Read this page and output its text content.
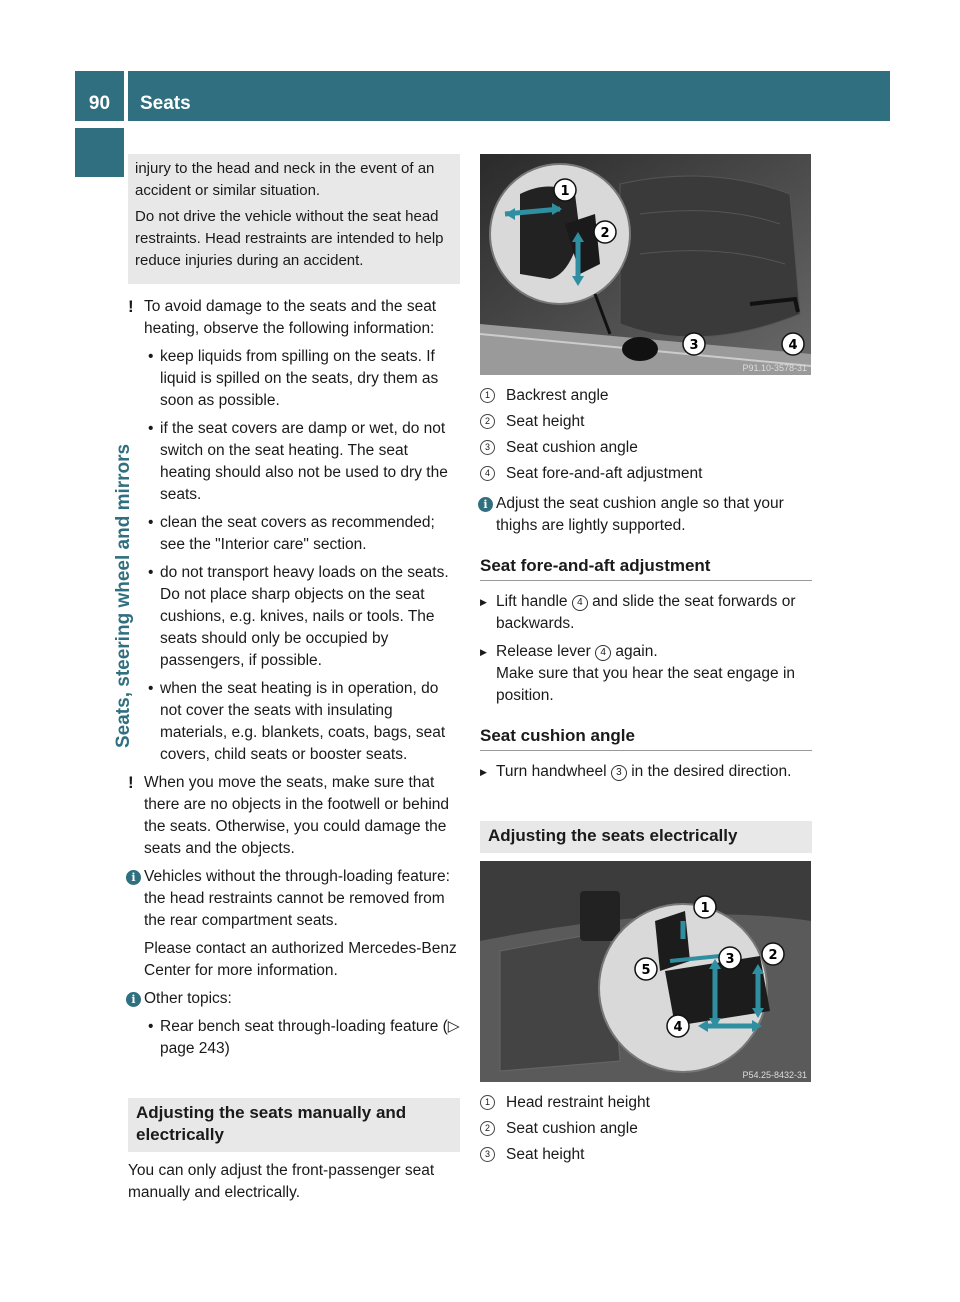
90	Seats
Seats, steering wheel and mirrors

injury to the head and neck in the event of an accident or similar situation.

Do not drive the vehicle without the seat head restraints. Head restraints are intended to help reduce injuries during an accident.

! To avoid damage to the seats and the seat heating, observe the following information:

• keep liquids from spilling on the seats. If liquid is spilled on the seats, dry them as soon as possible.
• if the seat covers are damp or wet, do not switch on the seat heating. The seat heating should also not be used to dry the seats.
• clean the seat covers as recommended; see the "Interior care" section.
• do not transport heavy loads on the seats. Do not place sharp objects on the seat cushions, e.g. knives, nails or tools. The seats should only be occupied by passengers, if possible.
• when the seat heating is in operation, do not cover the seats with insulating materials, e.g. blankets, coats, bags, seat covers, child seats or booster seats.
! When you move the seats, make sure that there are no objects in the footwell or behind the seats. Otherwise, you could damage the seats and the objects.

i Vehicles without the through-loading feature: the head restraints cannot be removed from the rear compartment seats.

Please contact an authorized Mercedes-Benz Center for more information.

i Other topics:

• Rear bench seat through-loading feature (▷ page 243)
Adjusting the seats manually and electrically

You can only adjust the front-passenger seat manually and electrically.

1
2
3	4
P91.10-3578-31
1	Backrest angle
2	Seat height
3	Seat cushion angle
4	Seat fore-and-aft adjustment
i Adjust the seat cushion angle so that your thighs are lightly supported.

Seat fore-and-aft adjustment
▶ Lift handle 4 and slide the seat forwards or backwards.
▶ Release lever 4 again.
Make sure that you hear the seat engage in position.
Seat cushion angle
▶ Turn handwheel 3 in the desired direction.
Adjusting the seats electrically
1
2
3
4
5
P54.25-8432-31
1	Head restraint height
2	Seat cushion angle
3	Seat height
